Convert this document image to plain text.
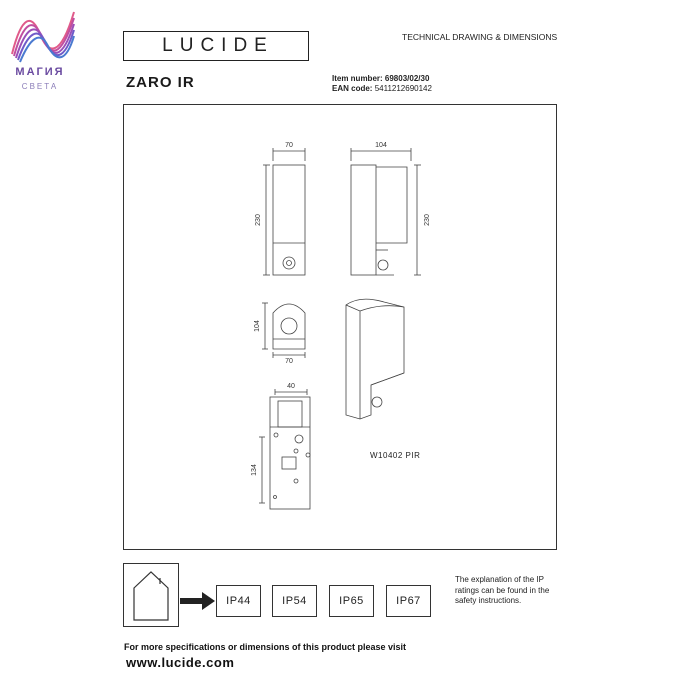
МАГИЯ
СВЕТА
LUCIDE	TECHNICAL DRAWING & DIMENSIONS
ZARO IR	Item number: 69803/02/30
EAN code: 5411212690142
70
230
104
230
104
70
40
134
W10402 PIR
IP44	IP54	IP65	IP67
The explanation of the IP ratings can be found in the safety instructions.
For more specifications or dimensions of this product please visit
www.lucide.com
